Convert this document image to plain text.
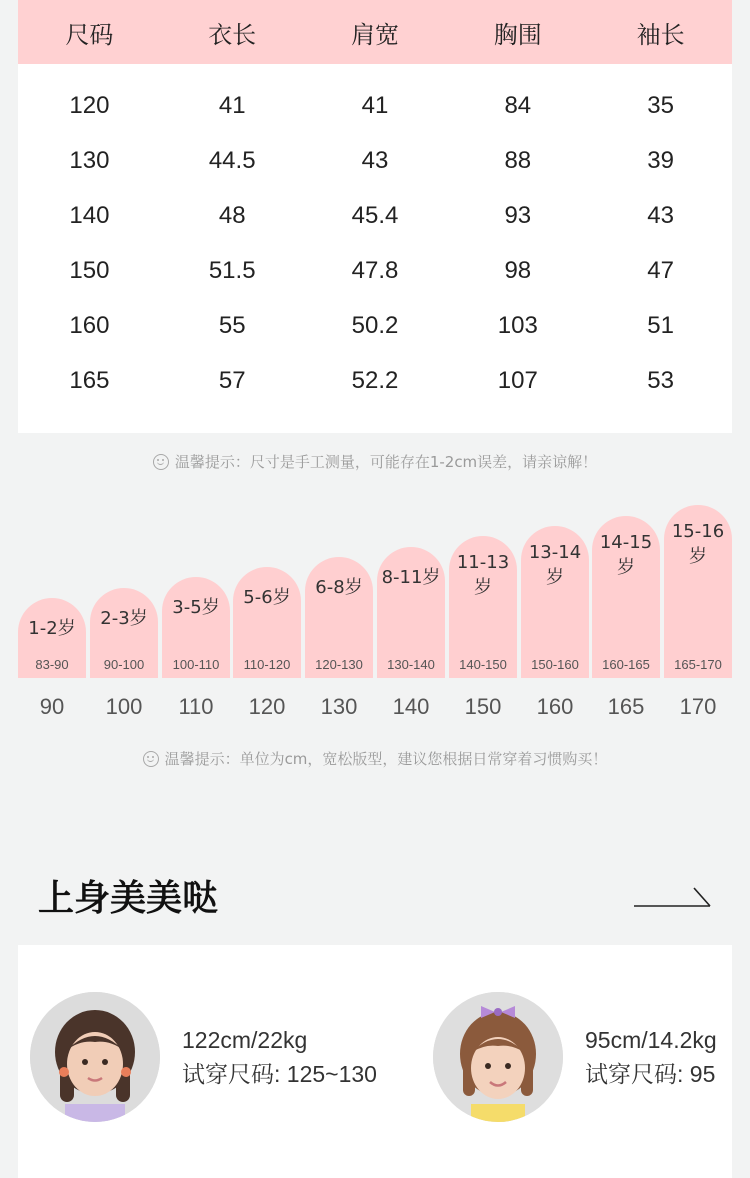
尺码	衣长	肩宽	胸围	袖长
120	41	41	84	35
130	44.5	43	88	39
140	48	45.4	93	43
150	51.5	47.8	98	47
160	55	50.2	103	51
165	57	52.2	107	53
温馨提示：尺寸是手工测量，可能存在1-2cm误差，请亲谅解！
1-2岁
83-90
90
2-3岁
90-100
100
3-5岁
100-110
110
5-6岁
110-120
120
6-8岁
120-130
130
8-11岁
130-140
140
11-13岁
140-150
150
13-14岁
150-160
160
14-15岁
160-165
165
15-16岁
165-170
170
温馨提示：单位为cm，宽松版型，建议您根据日常穿着习惯购买！
上身美美哒
122cm/22kg
试穿尺码: 125~130
95cm/14.2kg
试穿尺码: 95
